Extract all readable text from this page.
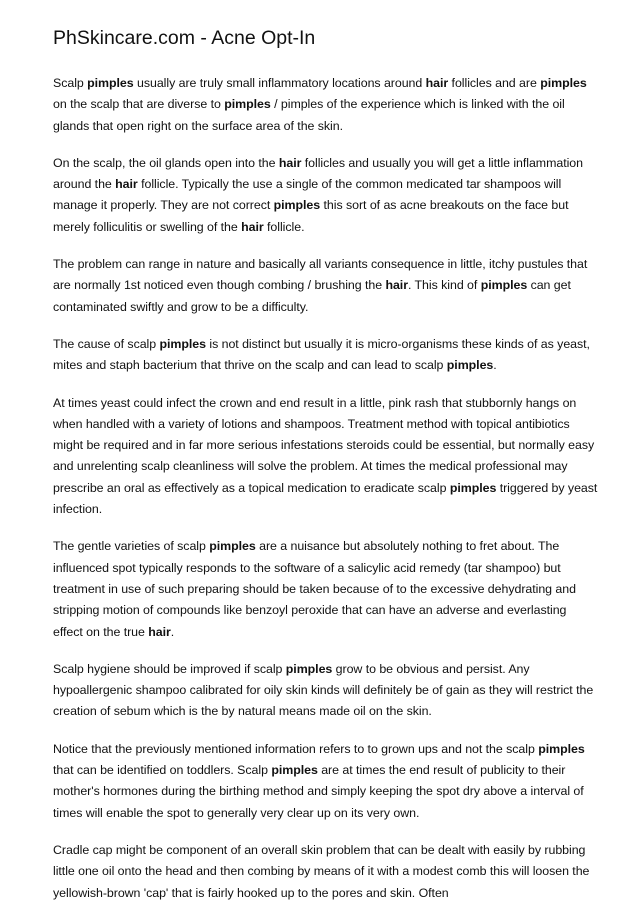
PhSkincare.com - Acne Opt-In

Scalp pimples usually are truly small inflammatory locations around hair follicles and are pimples on the scalp that are diverse to pimples / pimples of the experience which is linked with the oil glands that open right on the surface area of the skin.

On the scalp, the oil glands open into the hair follicles and usually you will get a little inflammation around the hair follicle. Typically the use a single of the common medicated tar shampoos will manage it properly. They are not correct pimples this sort of as acne breakouts on the face but merely folliculitis or swelling of the hair follicle.

The problem can range in nature and basically all variants consequence in little, itchy pustules that are normally 1st noticed even though combing / brushing the hair. This kind of pimples can get contaminated swiftly and grow to be a difficulty.

The cause of scalp pimples is not distinct but usually it is micro-organisms these kinds of as yeast, mites and staph bacterium that thrive on the scalp and can lead to scalp pimples.

At times yeast could infect the crown and end result in a little, pink rash that stubbornly hangs on when handled with a variety of lotions and shampoos. Treatment method with topical antibiotics might be required and in far more serious infestations steroids could be essential, but normally easy and unrelenting scalp cleanliness will solve the problem. At times the medical professional may prescribe an oral as effectively as a topical medication to eradicate scalp pimples triggered by yeast infection.

The gentle varieties of scalp pimples are a nuisance but absolutely nothing to fret about. The influenced spot typically responds to the software of a salicylic acid remedy (tar shampoo) but treatment in use of such preparing should be taken because of to the excessive dehydrating and stripping motion of compounds like benzoyl peroxide that can have an adverse and everlasting effect on the true hair.

Scalp hygiene should be improved if scalp pimples grow to be obvious and persist. Any hypoallergenic shampoo calibrated for oily skin kinds will definitely be of gain as they will restrict the creation of sebum which is the by natural means made oil on the skin.

Notice that the previously mentioned information refers to to grown ups and not the scalp pimples that can be identified on toddlers. Scalp pimples are at times the end result of publicity to their mother's hormones during the birthing method and simply keeping the spot dry above a interval of times will enable the spot to generally very clear up on its very own.

Cradle cap might be component of an overall skin problem that can be dealt with easily by rubbing little one oil onto the head and then combing by means of it with a modest comb this will loosen the yellowish-brown 'cap' that is fairly hooked up to the pores and skin. Often
